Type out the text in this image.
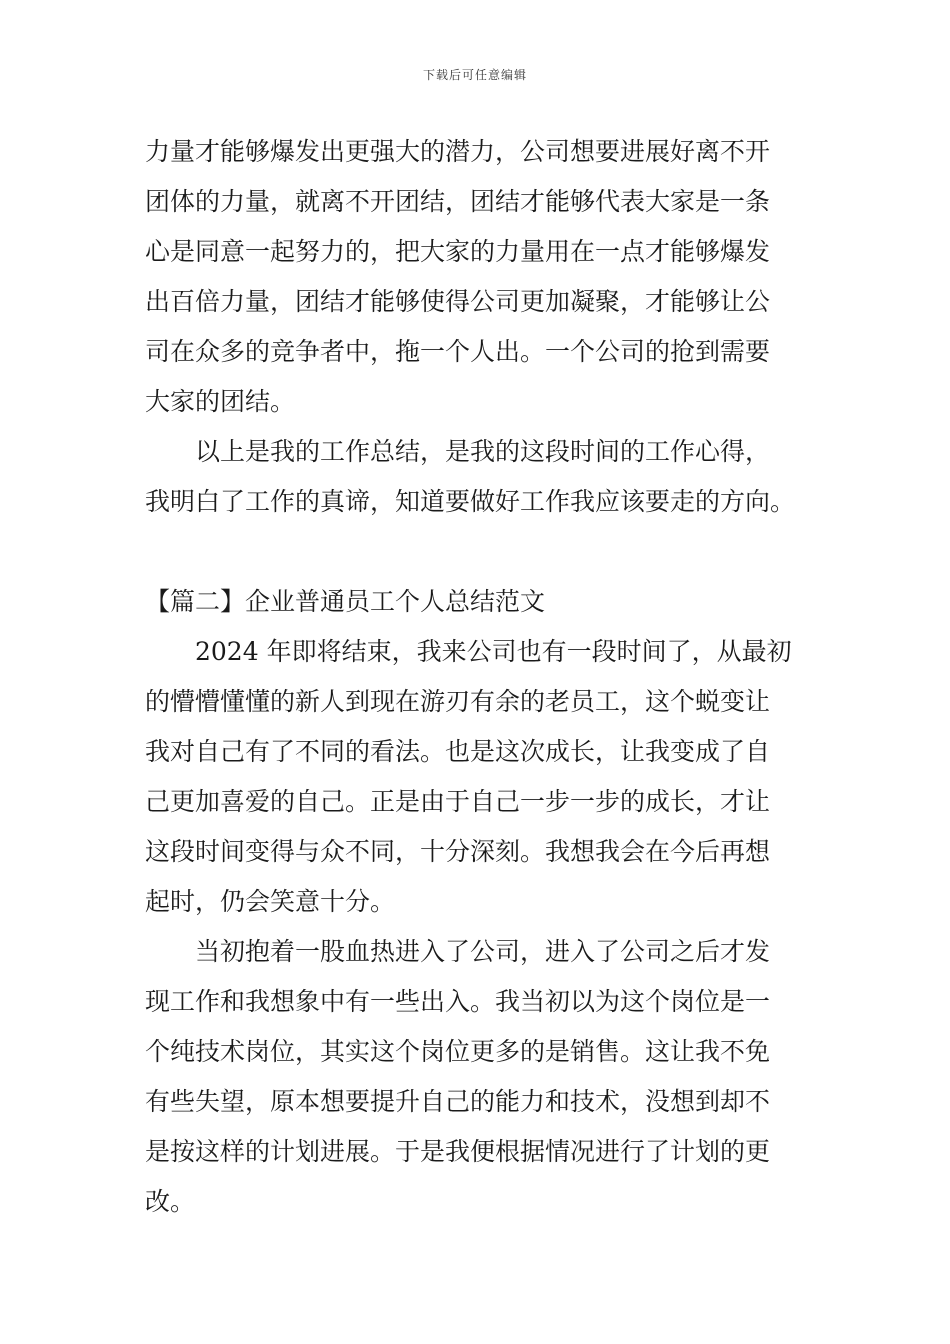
下载后可任意编辑

力量才能够爆发出更强大的潜力，公司想要进展好离不开
团体的力量，就离不开团结，团结才能够代表大家是一条
心是同意一起努力的，把大家的力量用在一点才能够爆发
出百倍力量，团结才能够使得公司更加凝聚，才能够让公
司在众多的竞争者中，拖一个人出。一个公司的抢到需要
大家的团结。

以上是我的工作总结，是我的这段时间的工作心得，
我明白了工作的真谛，知道要做好工作我应该要走的方向。

【篇二】企业普通员工个人总结范文

2024 年即将结束，我来公司也有一段时间了，从最初
的懵懵懂懂的新人到现在游刃有余的老员工，这个蜕变让
我对自己有了不同的看法。也是这次成长，让我变成了自
己更加喜爱的自己。正是由于自己一步一步的成长，才让
这段时间变得与众不同，十分深刻。我想我会在今后再想
起时，仍会笑意十分。

当初抱着一股血热进入了公司，进入了公司之后才发
现工作和我想象中有一些出入。我当初以为这个岗位是一
个纯技术岗位，其实这个岗位更多的是销售。这让我不免
有些失望，原本想要提升自己的能力和技术，没想到却不
是按这样的计划进展。于是我便根据情况进行了计划的更
改。
